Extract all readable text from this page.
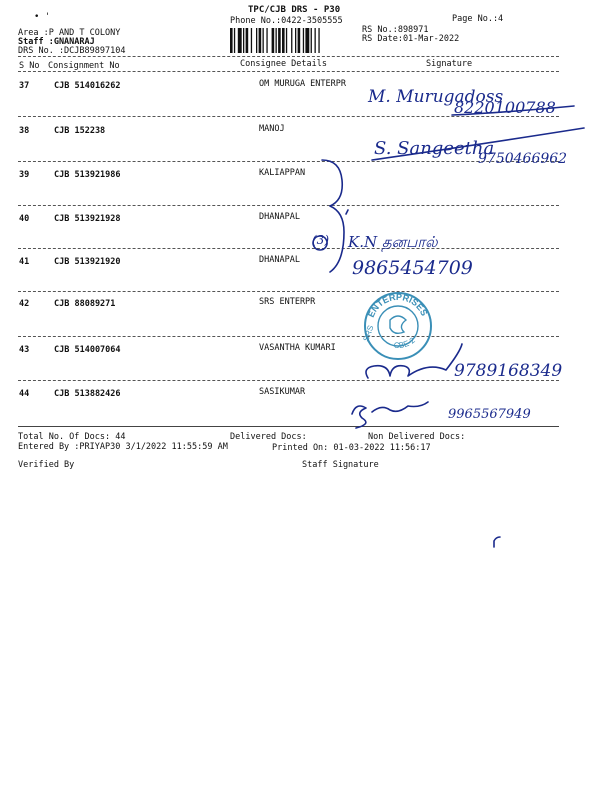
• '
TPC/CJB DRS - P30
Phone No.:0422-3505555	Page No.:4
RS No.:898971
RS Date:01-Mar-2022
Area :P AND T COLONY
Staff :GNANARAJ
DRS No. :DCJB89897104
S No Consignment No	Consignee Details	Signature
37	CJB 514016262	OM MURUGA ENTERPR
38	CJB 152238	MANOJ
39	CJB 513921986	KALIAPPAN
40	CJB 513921928	DHANAPAL
41	CJB 513921920	DHANAPAL
42	CJB 88089271	SRS ENTERPR
43	CJB 514007064	VASANTHA KUMARI
44	CJB 513882426	SASIKUMAR
M. Murugadoss
8220100788
S. Sangeetha
9750466962
(3) K.N தனபால்
9865454709
9789168349
9965567949
ENTERPRISES
CBE-2
SRS
Total No. Of Docs: 44	Delivered Docs:	Non Delivered Docs:
Entered By :PRIYAP30 3/1/2022 11:55:59 AM	Printed On: 01-03-2022 11:56:17
Verified By	Staff Signature
